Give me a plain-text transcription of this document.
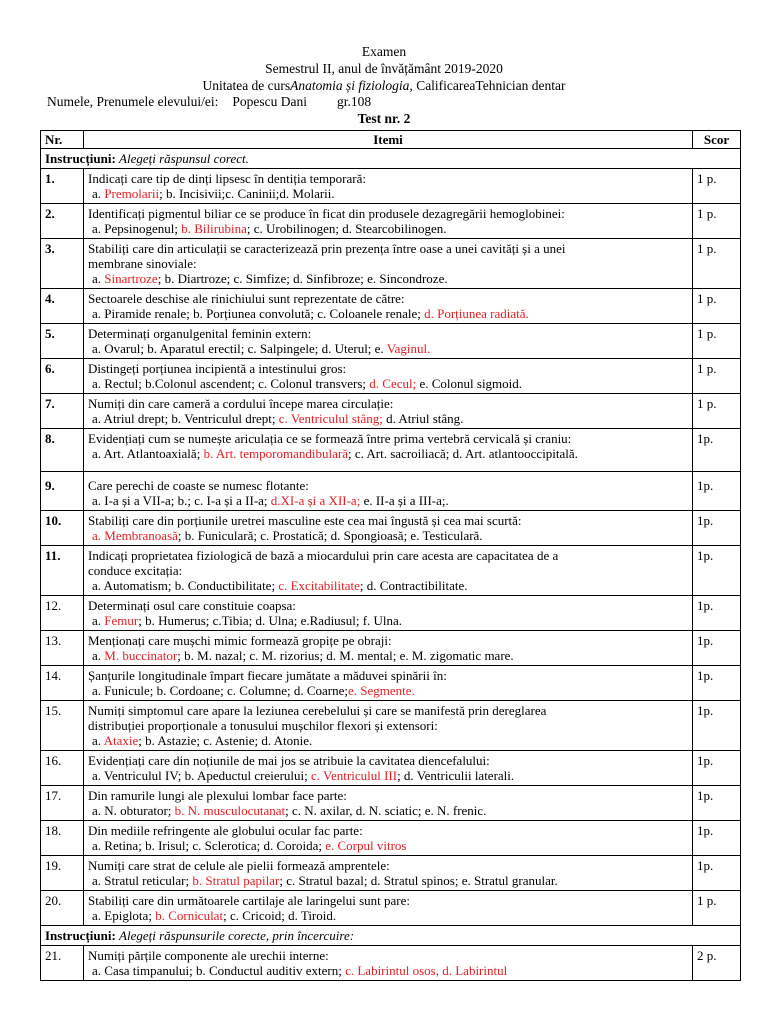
Examen
Semestrul II, anul de învățământ 2019-2020
Unitatea de cursAnatomia și fiziologia, CalificareaTehnician dentar
Numele, Prenumele elevului/ei: Popescu Dani gr.108
Test nr. 2
Nr.	Itemi	Scor
Instrucțiuni: Alegeți răspunsul corect.		
1.	Indicați care tip de dinți lipsesc în dentiția temporară:
a. Premolarii; b. Incisivii;c. Caninii;d. Molarii.	1 p.
2.	Identificați pigmentul biliar ce se produce în ficat din produsele dezagregării hemoglobinei:
a. Pepsinogenul; b. Bilirubina; c. Urobilinogen; d. Stearcobilinogen.	1 p.
3.	Stabiliți care din articulații se caracterizează prin prezența între oase a unei cavități și a unei
membrane sinoviale:
a. Sinartroze; b. Diartroze; c. Simfize; d. Sinfibroze; e. Sincondroze.	1 p.
4.	Sectoarele deschise ale rinichiului sunt reprezentate de către:
a. Piramide renale; b. Porțiunea convolută; c. Coloanele renale; d. Porțiunea radiată.	1 p.
5.	Determinați organulgenital feminin extern:
a. Ovarul; b. Aparatul erectil; c. Salpingele; d. Uterul; e. Vaginul.	1 p.
6.	Distingeți porțiunea incipientă a intestinului gros:
a. Rectul; b.Colonul ascendent; c. Colonul transvers; d. Cecul; e. Colonul sigmoid.	1 p.
7.	Numiți din care cameră a cordului începe marea circulație:
a. Atriul drept; b. Ventriculul drept; c. Ventriculul stâng; d. Atriul stâng.	1 p.
8.	Evidențiați cum se numește ariculația ce se formează între prima vertebră cervicală și craniu:
a. Art. Atlantoaxială; b. Art. temporomandibulară; c. Art. sacroiliacă; d. Art. atlantooccipitală.	1p.
9.	Care perechi de coaste se numesc flotante:
a. I-a și a VII-a; b.; c. I-a și a II-a; d.XI-a și a XII-a; e. II-a și a III-a;.	1p.
10.	Stabiliți care din porțiunile uretrei masculine este cea mai îngustă și cea mai scurtă:
a. Membranoasă; b. Funiculară; c. Prostatică; d. Spongioasă; e. Testiculară.	1p.
11.	Indicați proprietatea fiziologică de bază a miocardului prin care acesta are capacitatea de a
conduce excitația:
a. Automatism; b. Conductibilitate; c. Excitabilitate; d. Contractibilitate.	1p.
12.	Determinați osul care constituie coapsa:
a. Femur; b. Humerus; c.Tibia; d. Ulna; e.Radiusul; f. Ulna.	1p.
13.	Menționați care mușchi mimic formează gropițe pe obraji:
a. M. buccinator; b. M. nazal; c. M. rizorius; d. M. mental; e. M. zigomatic mare.	1p.
14.	Șanțurile longitudinale împart fiecare jumătate a măduvei spinării în:
a. Funicule; b. Cordoane; c. Columne; d. Coarne;e. Segmente.	1p.
15.	Numiți simptomul care apare la leziunea cerebelului și care se manifestă prin dereglarea
distribuției proporționale a tonusului mușchilor flexori și extensori:
a. Ataxie; b. Astazie; c. Astenie; d. Atonie.	1p.
16.	Evidențiați care din noțiunile de mai jos se atribuie la cavitatea diencefalului:
a. Ventriculul IV; b. Apeductul creierului; c. Ventriculul III; d. Ventriculii laterali.	1p.
17.	Din ramurile lungi ale plexului lombar face parte:
a. N. obturator; b. N. musculocutanat; c. N. axilar, d. N. sciatic; e. N. frenic.	1p.
18.	Din mediile refringente ale globului ocular fac parte:
a. Retina; b. Irisul; c. Sclerotica; d. Coroida; e. Corpul vitros	1p.
19.	Numiți care strat de celule ale pielii formează amprentele:
a. Stratul reticular; b. Stratul papilar; c. Stratul bazal; d. Stratul spinos; e. Stratul granular.	1p.
20.	Stabiliți care din următoarele cartilaje ale laringelui sunt pare:
a. Epiglota; b. Corniculat; c. Cricoid; d. Tiroid.	1 p.
Instrucțiuni: Alegeți răspunsurile corecte, prin încercuire:		
21.	Numiți părțile componente ale urechii interne:
a. Casa timpanului; b. Conductul auditiv extern; c. Labirintul osos, d. Labirintul	2 p.
